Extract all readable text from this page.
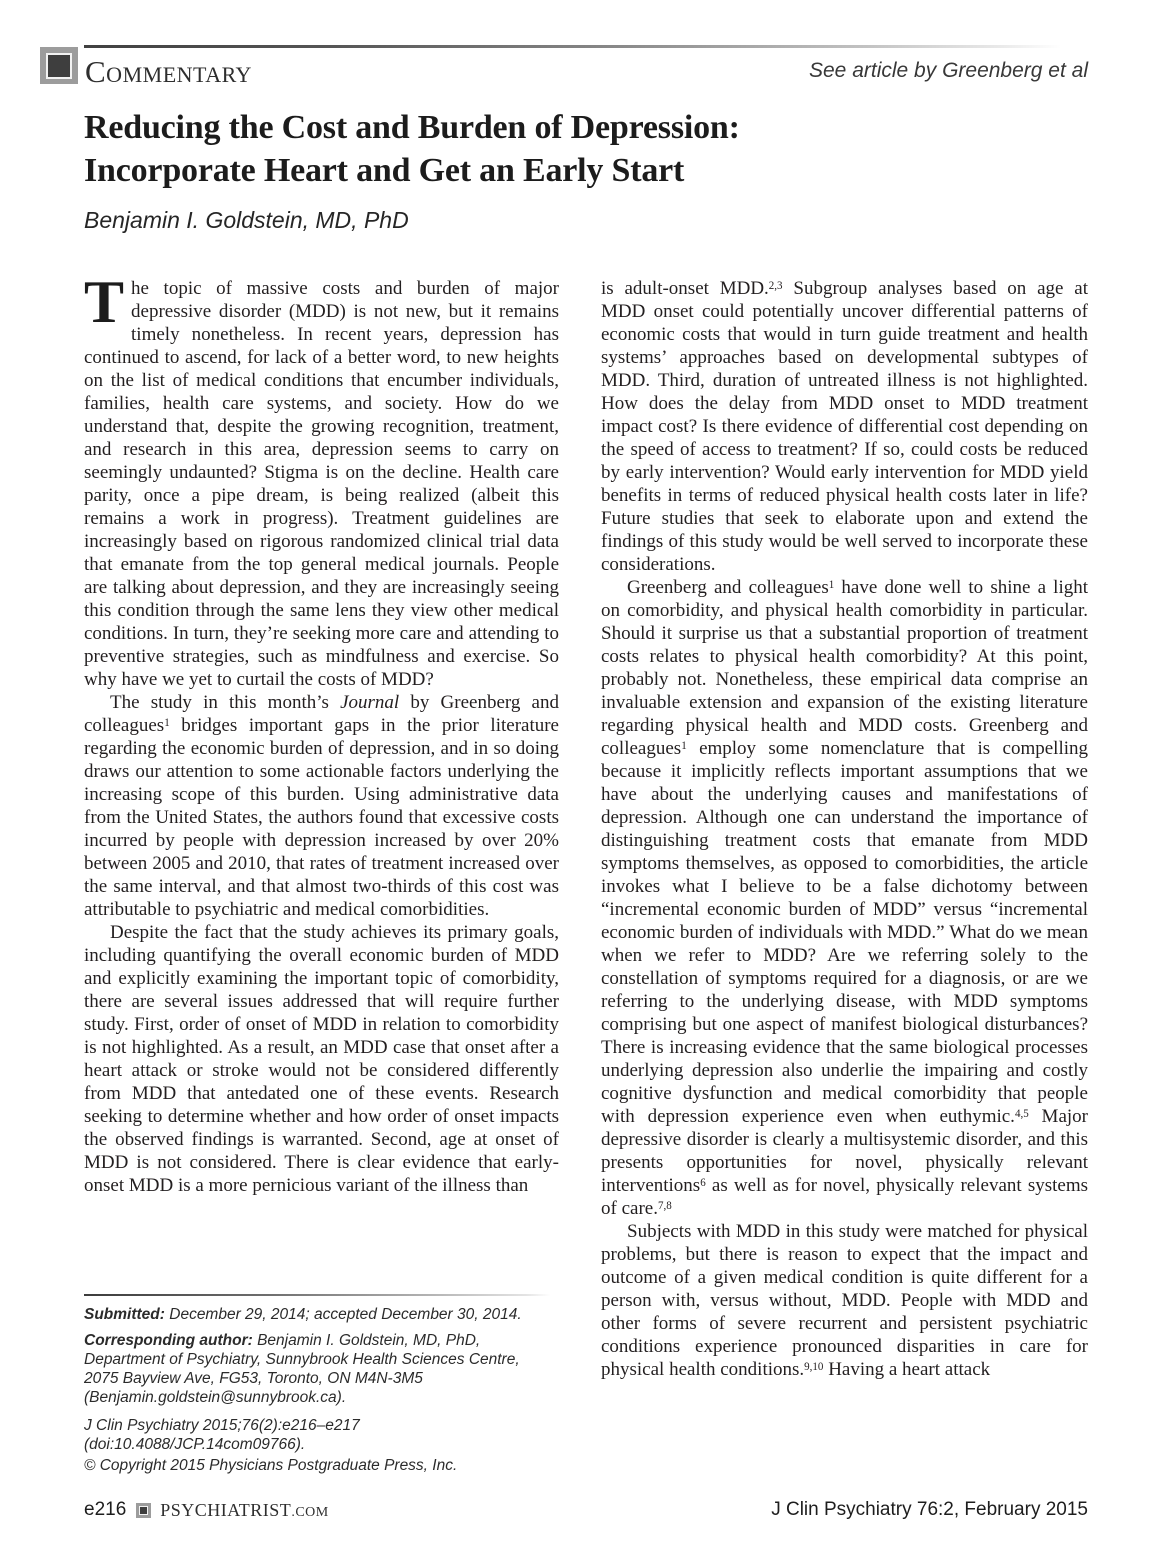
Commentary	See article by Greenberg et al
Reducing the Cost and Burden of Depression:
Incorporate Heart and Get an Early Start
Benjamin I. Goldstein, MD, PhD

The topic of massive costs and burden of major depressive disorder (MDD) is not new, but it remains timely nonetheless. In recent years, depression has continued to ascend, for lack of a better word, to new heights on the list of medical conditions that encumber individuals, families, health care systems, and society. How do we understand that, despite the growing recognition, treatment, and research in this area, depression seems to carry on seemingly undaunted? Stigma is on the decline. Health care parity, once a pipe dream, is being realized (albeit this remains a work in progress). Treatment guidelines are increasingly based on rigorous randomized clinical trial data that emanate from the top general medical journals. People are talking about depression, and they are increasingly seeing this condition through the same lens they view other medical conditions. In turn, they’re seeking more care and attending to preventive strategies, such as mindfulness and exercise. So why have we yet to curtail the costs of MDD?

The study in this month’s Journal by Greenberg and colleagues$^1$ bridges important gaps in the prior literature regarding the economic burden of depression, and in so doing draws our attention to some actionable factors underlying the increasing scope of this burden. Using administrative data from the United States, the authors found that excessive costs incurred by people with depression increased by over 20% between 2005 and 2010, that rates of treatment increased over the same interval, and that almost two-thirds of this cost was attributable to psychiatric and medical comorbidities.

Despite the fact that the study achieves its primary goals, including quantifying the overall economic burden of MDD and explicitly examining the important topic of comorbidity, there are several issues addressed that will require further study. First, order of onset of MDD in relation to comorbidity is not highlighted. As a result, an MDD case that onset after a heart attack or stroke would not be considered differently from MDD that antedated one of these events. Research seeking to determine whether and how order of onset impacts the observed findings is warranted. Second, age at onset of MDD is not considered. There is clear evidence that early-onset MDD is a more pernicious variant of the illness than

Submitted: December 29, 2014; accepted December 30, 2014.

Corresponding author: Benjamin I. Goldstein, MD, PhD, Department of Psychiatry, Sunnybrook Health Sciences Centre, 2075 Bayview Ave, FG53, Toronto, ON M4N-3M5 (Benjamin.goldstein@sunnybrook.ca).

J Clin Psychiatry 2015;76(2):e216–e217 (doi:10.4088/JCP.14com09766).

© Copyright 2015 Physicians Postgraduate Press, Inc.

is adult-onset MDD.$^{2,3}$ Subgroup analyses based on age at MDD onset could potentially uncover differential patterns of economic costs that would in turn guide treatment and health systems’ approaches based on developmental subtypes of MDD. Third, duration of untreated illness is not highlighted. How does the delay from MDD onset to MDD treatment impact cost? Is there evidence of differential cost depending on the speed of access to treatment? If so, could costs be reduced by early intervention? Would early intervention for MDD yield benefits in terms of reduced physical health costs later in life? Future studies that seek to elaborate upon and extend the findings of this study would be well served to incorporate these considerations.

Greenberg and colleagues$^1$ have done well to shine a light on comorbidity, and physical health comorbidity in particular. Should it surprise us that a substantial proportion of treatment costs relates to physical health comorbidity? At this point, probably not. Nonetheless, these empirical data comprise an invaluable extension and expansion of the existing literature regarding physical health and MDD costs. Greenberg and colleagues$^1$ employ some nomenclature that is compelling because it implicitly reflects important assumptions that we have about the underlying causes and manifestations of depression. Although one can understand the importance of distinguishing treatment costs that emanate from MDD symptoms themselves, as opposed to comorbidities, the article invokes what I believe to be a false dichotomy between “incremental economic burden of MDD” versus “incremental economic burden of individuals with MDD.” What do we mean when we refer to MDD? Are we referring solely to the constellation of symptoms required for a diagnosis, or are we referring to the underlying disease, with MDD symptoms comprising but one aspect of manifest biological disturbances? There is increasing evidence that the same biological processes underlying depression also underlie the impairing and costly cognitive dysfunction and medical comorbidity that people with depression experience even when euthymic.$^{4,5}$ Major depressive disorder is clearly a multisystemic disorder, and this presents opportunities for novel, physically relevant interventions$^6$ as well as for novel, physically relevant systems of care.$^{7,8}$

Subjects with MDD in this study were matched for physical problems, but there is reason to expect that the impact and outcome of a given medical condition is quite different for a person with, versus without, MDD. People with MDD and other forms of severe recurrent and persistent psychiatric conditions experience pronounced disparities in care for physical health conditions.$^{9,10}$ Having a heart attack

e216 PSYCHIATRIST.COM	J Clin Psychiatry 76:2, February 2015
